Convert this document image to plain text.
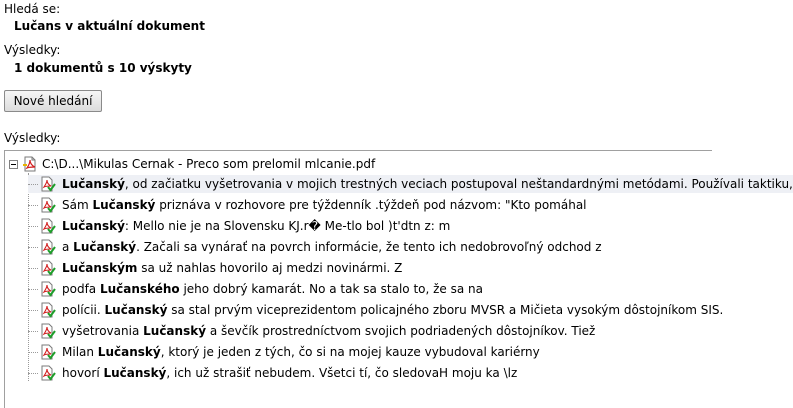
Hledá se:
Lučans v aktuální dokument
Výsledky:
1 dokumentů s 10 výskyty
Nové hledání
Výsledky:
C:\D...\Mikulas Cernak - Preco som prelomil mlcanie.pdf
Lučanský, od začiatku vyšetrovania v mojich trestných veciach postupoval neštandardnými metódami. Používali taktiku,
Sám Lučanský priznáva v rozhovore pre týždenník .týždeň pod názvom: "Kto pomáhal
Lučanský: Mello nie je na Slovensku KJ.r� Me-tlo bol )t'dtn z: m
a Lučanský. Začali sa vynárať na povrch informácie, že tento ich nedobrovoľný odchod z
Lučanským sa už nahlas hovorilo aj medzi novinármi. Z
podfa Lučanského jeho dobrý kamarát. No a tak sa stalo to, že sa na
polícii. Lučanský sa stal prvým viceprezidentom policajného zboru MVSR a Mičieta vysokým dôstojníkom SIS.
vyšetrovania Lučanský a ševčík prostredníctvom svojich podriadených dôstojníkov. Tiež
Milan Lučanský, ktorý je jeden z tých, čo si na mojej kauze vybudoval kariérny
hovorí Lučanský, ich už strašiť nebudem. Všetci tí, čo sledovaH moju ka \lz
